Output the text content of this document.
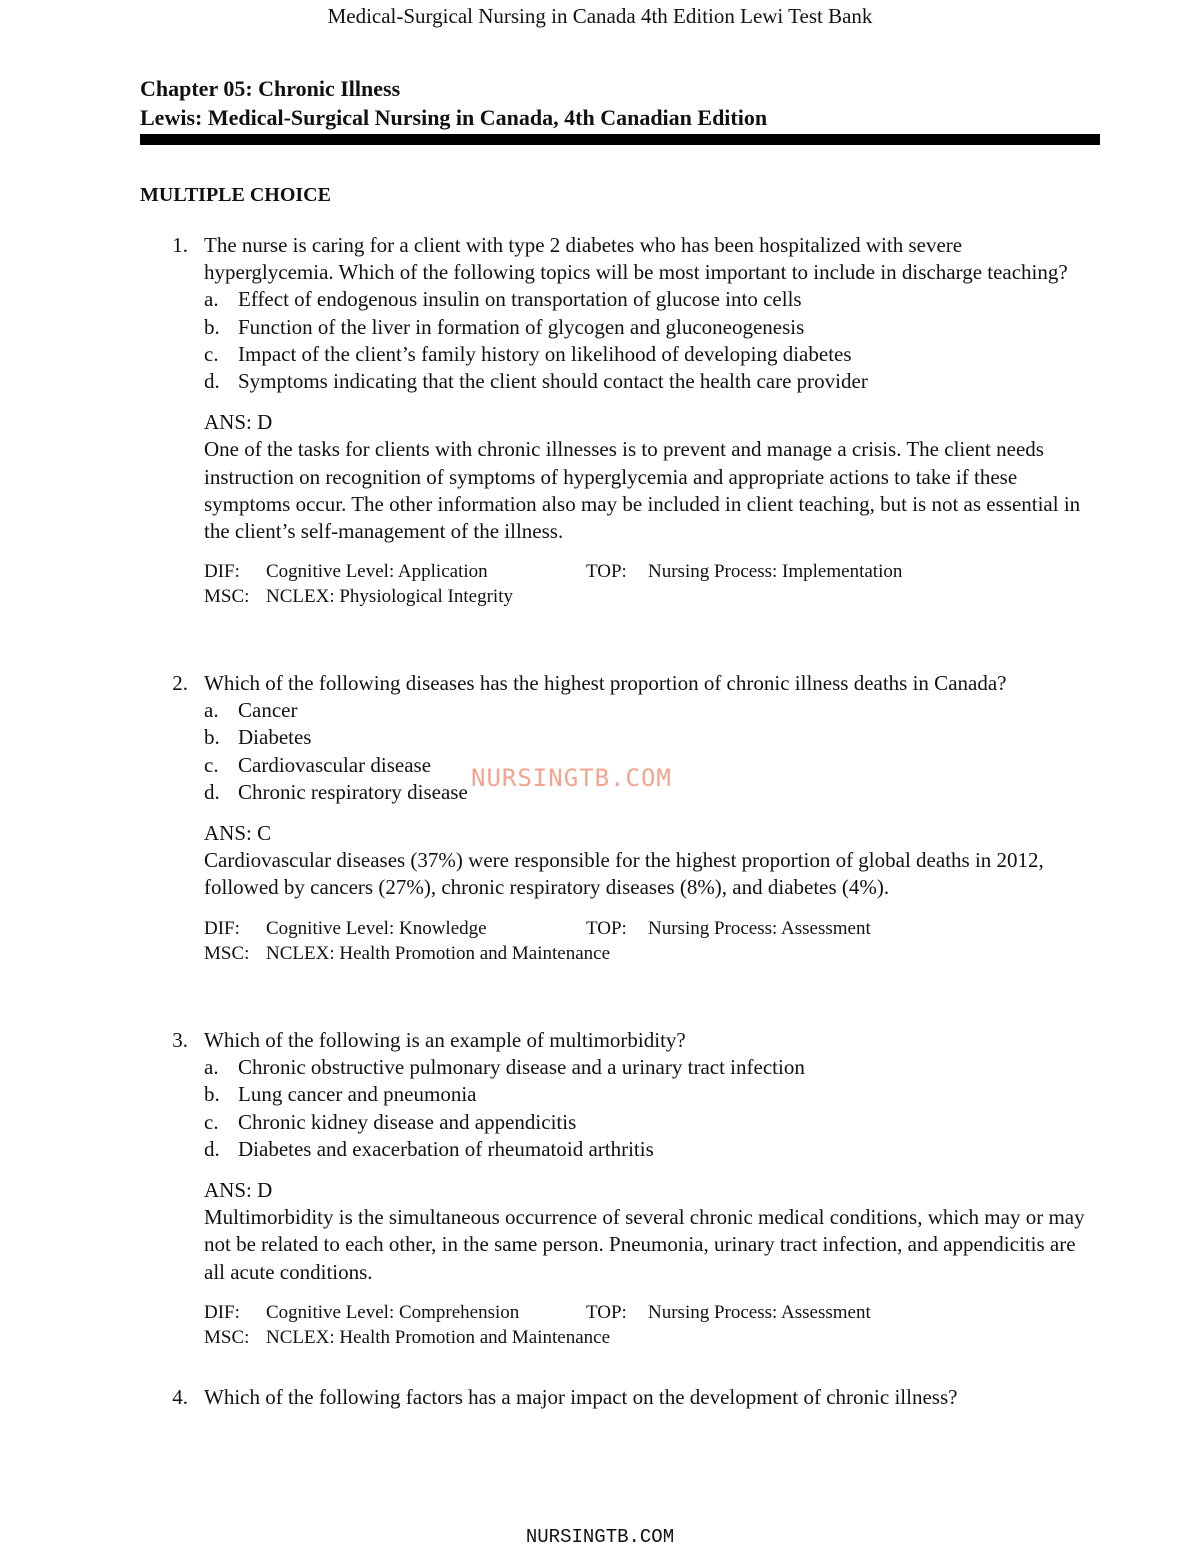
Medical-Surgical Nursing in Canada 4th Edition Lewi Test Bank
Chapter 05: Chronic Illness
Lewis: Medical-Surgical Nursing in Canada, 4th Canadian Edition
MULTIPLE CHOICE
1. The nurse is caring for a client with type 2 diabetes who has been hospitalized with severe hyperglycemia. Which of the following topics will be most important to include in discharge teaching?

a. Effect of endogenous insulin on transportation of glucose into cells
b. Function of the liver in formation of glycogen and gluconeogenesis
c. Impact of the client’s family history on likelihood of developing diabetes
d. Symptoms indicating that the client should contact the health care provider
ANS: D

One of the tasks for clients with chronic illnesses is to prevent and manage a crisis. The client needs instruction on recognition of symptoms of hyperglycemia and appropriate actions to take if these symptoms occur. The other information also may be included in client teaching, but is not as essential in the client’s self-management of the illness.

DIF: Cognitive Level: Application	TOP: Nursing Process: Implementation
MSC: NCLEX: Physiological Integrity
2. Which of the following diseases has the highest proportion of chronic illness deaths in Canada?

a. Cancer
b. Diabetes
c. Cardiovascular disease
d. Chronic respiratory disease
ANS: C

Cardiovascular diseases (37%) were responsible for the highest proportion of global deaths in 2012, followed by cancers (27%), chronic respiratory diseases (8%), and diabetes (4%).

DIF: Cognitive Level: Knowledge	TOP: Nursing Process: Assessment
MSC: NCLEX: Health Promotion and Maintenance
NURSINGTB.COM
3. Which of the following is an example of multimorbidity?

a. Chronic obstructive pulmonary disease and a urinary tract infection
b. Lung cancer and pneumonia
c. Chronic kidney disease and appendicitis
d. Diabetes and exacerbation of rheumatoid arthritis
ANS: D

Multimorbidity is the simultaneous occurrence of several chronic medical conditions, which may or may not be related to each other, in the same person. Pneumonia, urinary tract infection, and appendicitis are all acute conditions.

DIF: Cognitive Level: Comprehension	TOP: Nursing Process: Assessment
MSC: NCLEX: Health Promotion and Maintenance
4. Which of the following factors has a major impact on the development of chronic illness?

NURSINGTB.COM
